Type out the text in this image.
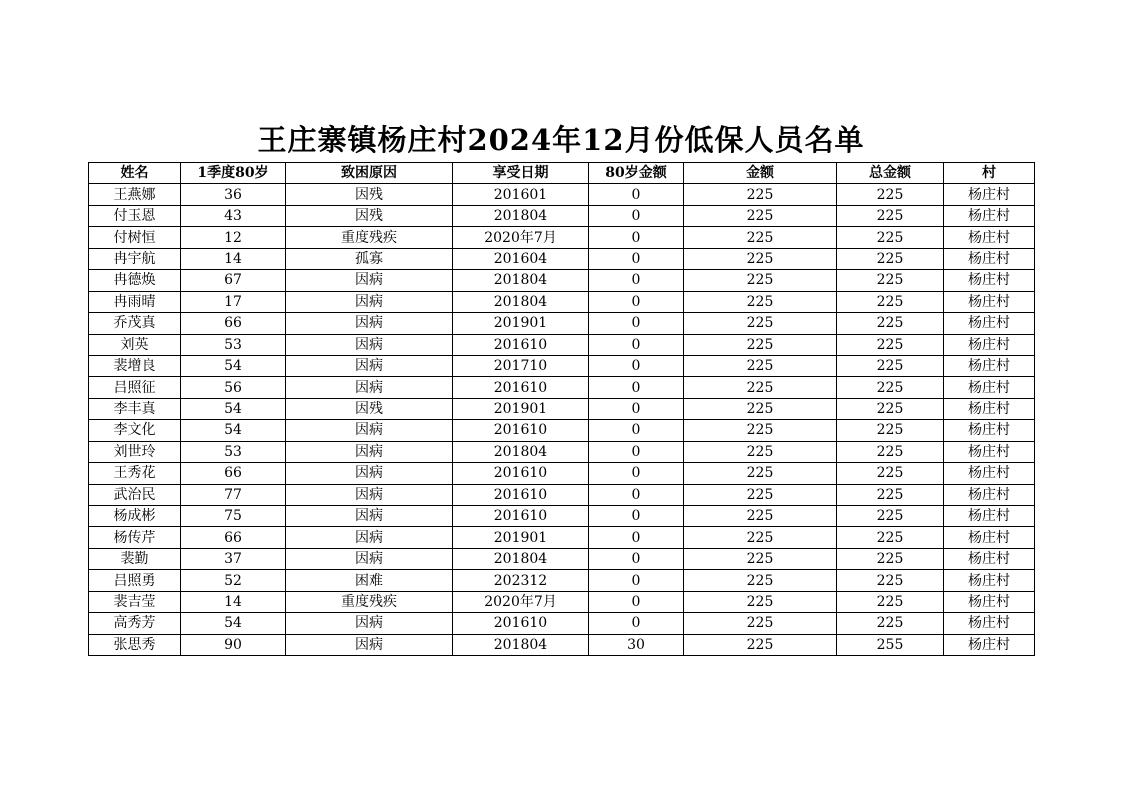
王庄寨镇杨庄村2024年12月份低保人员名单
姓名	1季度80岁	致困原因	享受日期	80岁金额	金额	总金额	村
王燕娜	36	因残	201601	0	225	225	杨庄村
付玉恩	43	因残	201804	0	225	225	杨庄村
付树恒	12	重度残疾	2020年7月	0	225	225	杨庄村
冉宇航	14	孤寡	201604	0	225	225	杨庄村
冉德焕	67	因病	201804	0	225	225	杨庄村
冉雨晴	17	因病	201804	0	225	225	杨庄村
乔茂真	66	因病	201901	0	225	225	杨庄村
刘英	53	因病	201610	0	225	225	杨庄村
裴增良	54	因病	201710	0	225	225	杨庄村
吕照征	56	因病	201610	0	225	225	杨庄村
李丰真	54	因残	201901	0	225	225	杨庄村
李文化	54	因病	201610	0	225	225	杨庄村
刘世玲	53	因病	201804	0	225	225	杨庄村
王秀花	66	因病	201610	0	225	225	杨庄村
武治民	77	因病	201610	0	225	225	杨庄村
杨成彬	75	因病	201610	0	225	225	杨庄村
杨传芹	66	因病	201901	0	225	225	杨庄村
裴勤	37	因病	201804	0	225	225	杨庄村
吕照勇	52	困难	202312	0	225	225	杨庄村
裴吉莹	14	重度残疾	2020年7月	0	225	225	杨庄村
高秀芳	54	因病	201610	0	225	225	杨庄村
张思秀	90	因病	201804	30	225	255	杨庄村
